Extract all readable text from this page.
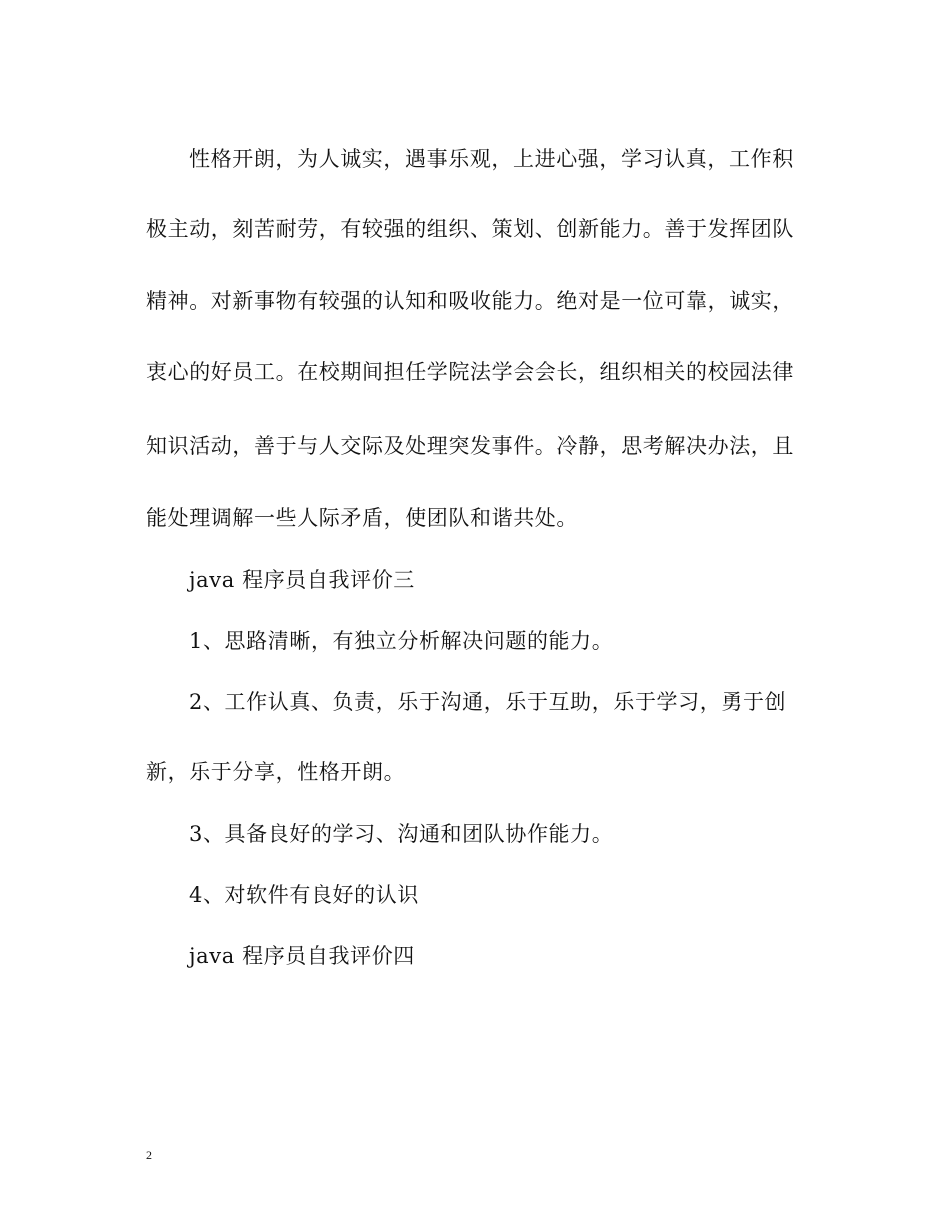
性格开朗，为人诚实，遇事乐观，上进心强，学习认真，工作积
极主动，刻苦耐劳，有较强的组织、策划、创新能力。善于发挥团队
精神。对新事物有较强的认知和吸收能力。绝对是一位可靠，诚实，
衷心的好员工。在校期间担任学院法学会会长，组织相关的校园法律
知识活动，善于与人交际及处理突发事件。冷静，思考解决办法，且
能处理调解一些人际矛盾，使团队和谐共处。
java 程序员自我评价三
1、思路清晰，有独立分析解决问题的能力。
2、工作认真、负责，乐于沟通，乐于互助，乐于学习，勇于创
新，乐于分享，性格开朗。
3、具备良好的学习、沟通和团队协作能力。
4、对软件有良好的认识
java 程序员自我评价四
2
